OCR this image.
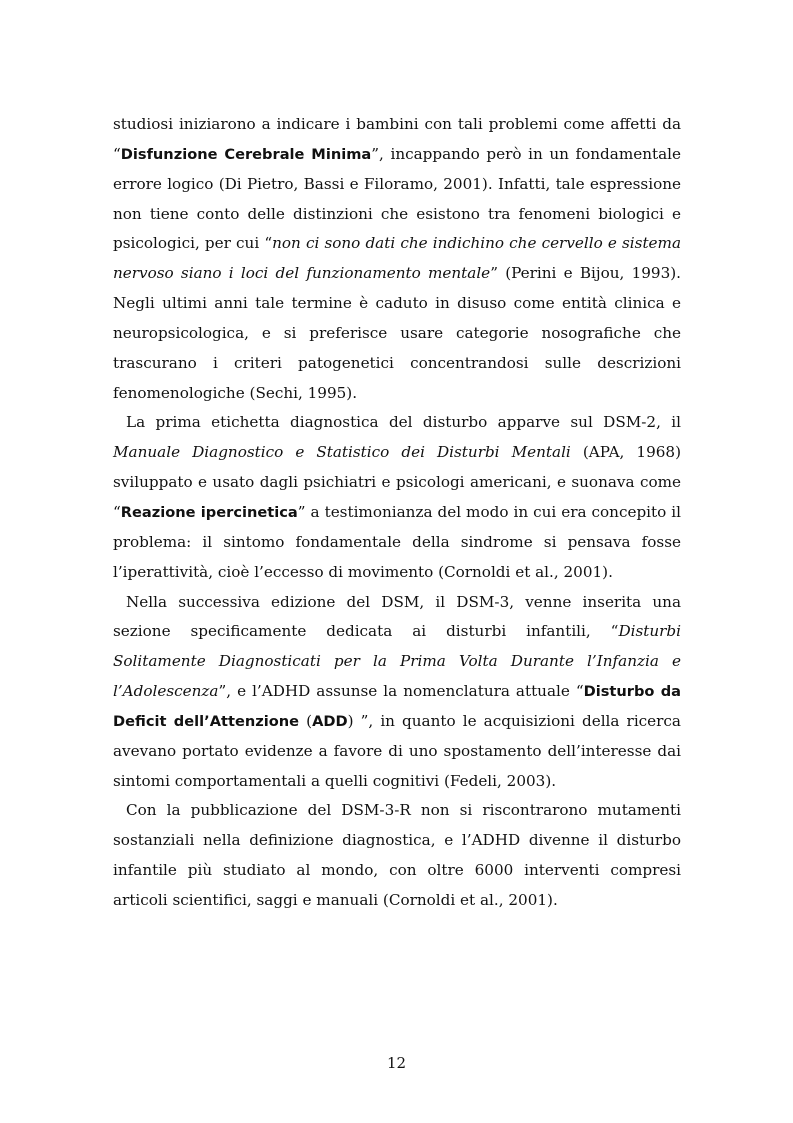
studiosi iniziarono a indicare i bambini con tali problemi come affetti da “Disfunzione Cerebrale Minima”, incappando però in un fondamentale errore logico (Di Pietro, Bassi e Filoramo, 2001). Infatti, tale espressione non tiene conto delle distinzioni che esistono tra fenomeni biologici e psicologici, per cui “non ci sono dati che indichino che cervello e sistema nervoso siano i loci del funzionamento mentale” (Perini e Bijou, 1993). Negli ultimi anni tale termine è caduto in disuso come entità clinica e neuropsicologica, e si preferisce usare categorie nosografiche che trascurano i criteri patogenetici concentrandosi sulle descrizioni fenomenologiche (Sechi, 1995).

La prima etichetta diagnostica del disturbo apparve sul DSM-2, il Manuale Diagnostico e Statistico dei Disturbi Mentali (APA, 1968) sviluppato e usato dagli psichiatri e psicologi americani, e suonava come “Reazione ipercinetica” a testimonianza del modo in cui era concepito il problema: il sintomo fondamentale della sindrome si pensava fosse l’iperattività, cioè l’eccesso di movimento (Cornoldi et al., 2001).

Nella successiva edizione del DSM, il DSM-3, venne inserita una sezione specificamente dedicata ai disturbi infantili, “Disturbi Solitamente Diagnosticati per la Prima Volta Durante l’Infanzia e l’Adolescenza”, e l’ADHD assunse la nomenclatura attuale “Disturbo da Deficit dell’Attenzione (ADD) ”, in quanto le acquisizioni della ricerca avevano portato evidenze a favore di uno spostamento dell’interesse dai sintomi comportamentali a quelli cognitivi (Fedeli, 2003).

Con la pubblicazione del DSM-3-R non si riscontrarono mutamenti sostanziali nella definizione diagnostica, e l’ADHD divenne il disturbo infantile più studiato al mondo, con oltre 6000 interventi compresi articoli scientifici, saggi e manuali (Cornoldi et al., 2001).

12
